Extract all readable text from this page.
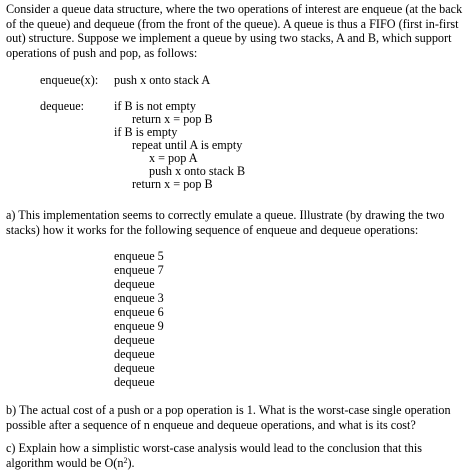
Consider a queue data structure, where the two operations of interest are enqueue (at the back of the queue) and dequeue (from the front of the queue). A queue is thus a FIFO (first in-first out) structure. Suppose we implement a queue by using two stacks, A and B, which support operations of push and pop, as follows:

enqueue(x): push x onto stack A
dequeue: if B is not empty
return x = pop B
if B is empty
repeat until A is empty
x = pop A
push x onto stack B
return x = pop B

a) This implementation seems to correctly emulate a queue. Illustrate (by drawing the two stacks) how it works for the following sequence of enqueue and dequeue operations:

enqueue 5
enqueue 7
dequeue
enqueue 3
enqueue 6
enqueue 9
dequeue
dequeue
dequeue
dequeue

b) The actual cost of a push or a pop operation is 1. What is the worst-case single operation possible after a sequence of n enqueue and dequeue operations, and what is its cost?

c) Explain how a simplistic worst-case analysis would lead to the conclusion that this algorithm would be $O(n^2)$.
